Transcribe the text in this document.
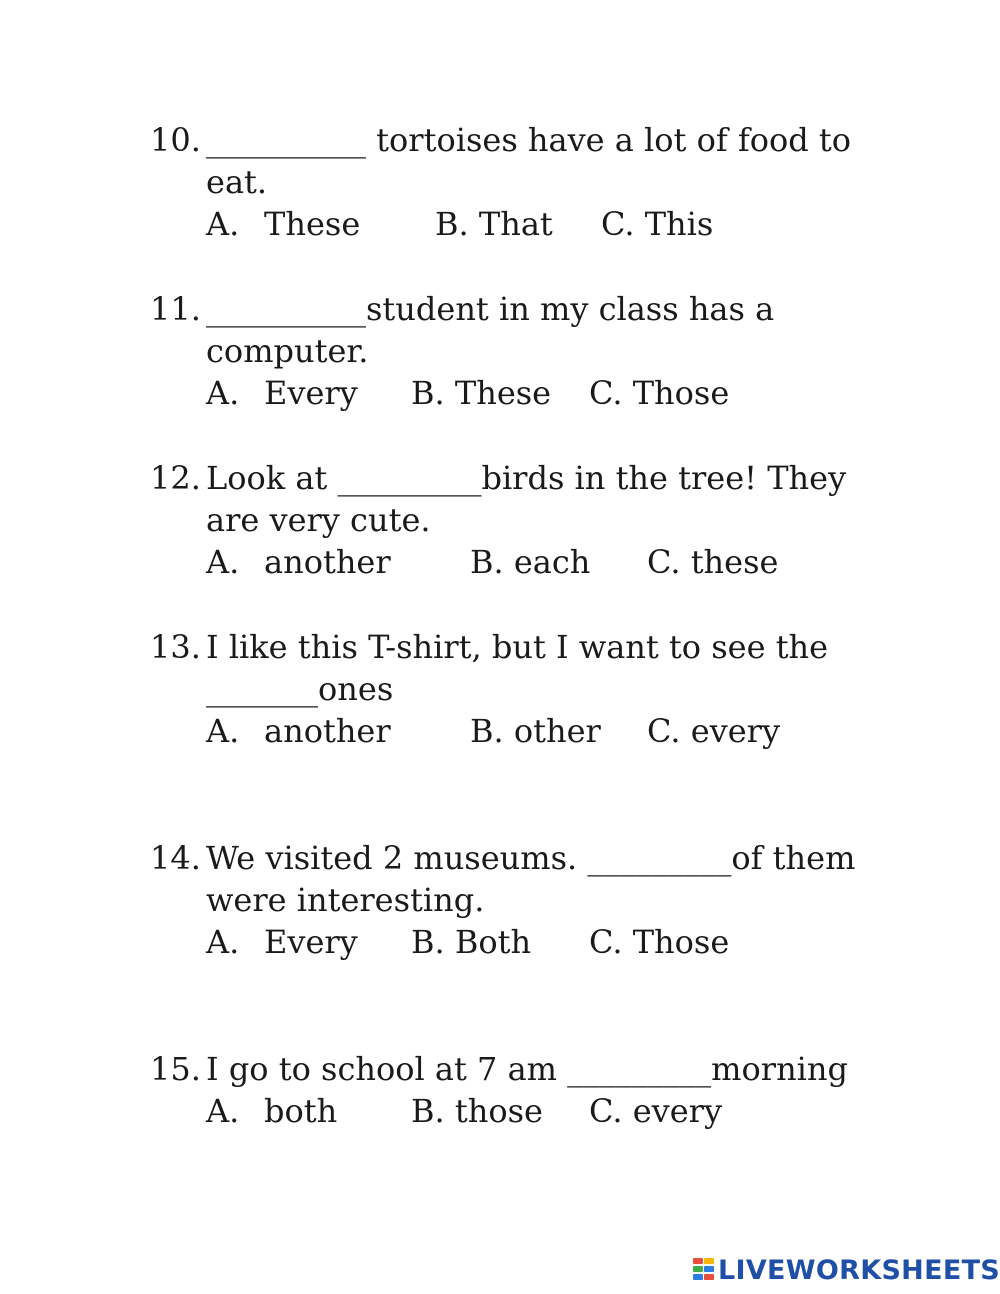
10. __________ tortoises have a lot of food to
eat.
A. These B. That C. This
11. __________student in my class has a
computer.
A. Every B. These C. Those
12. Look at _________birds in the tree! They
are very cute.
A. another B. each C. these
13. I like this T-shirt, but I want to see the
_______ones
A. another B. other C. every
14. We visited 2 museums. _________of them
were interesting.
A. Every B. Both C. Those
15. I go to school at 7 am _________morning
A. both B. those C. every
LIVEWORKSHEETS
